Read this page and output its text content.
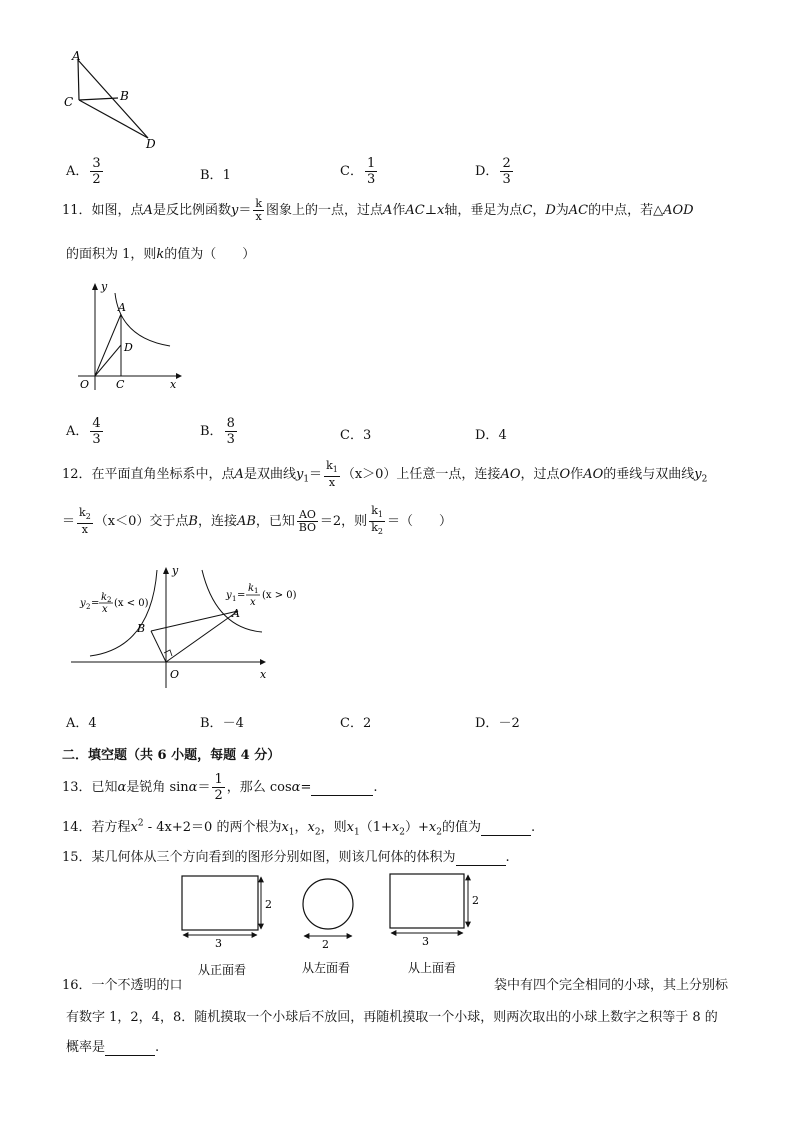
A
C	B
D
A． $\frac{3}{2}$	B．1	C． $\frac{1}{3}$	D． $\frac{2}{3}$
11．如图，点A是反比例函数$y= \frac{k}{x}$ 图象上的一点，过点A作AC⊥x轴，垂足为点C，D为AC的中点，若△AOD
的面积为 1，则k的值为（　　）
y
x
A
D
O C
A． $\frac{4}{3}$	B． $\frac{8}{3}$	C．3	D．4
12．在平面直角坐标系中，点A是双曲线$y_1= \frac{k_1}{x} (x>0)$上任意一点，连接AO，过点O作AO的垂线与双曲线$y_2$
＝ $\frac{k_2}{x} (x<0)$交于点B，连接AB，已知 $\frac{AO}{BO} =2$，则 $\frac{k_1}{k_2}$ ＝（　　）
y
x
O
A
B
y 2 =
k 2
x
(x < 0)
y 1 =
k 1
x
(x > 0)
A．4	B．－4	C．2	D．－2
二．填空题（共 6 小题，每题 4 分）
13．已知α是锐角 $\sin\alpha= \frac{1}{2}$ ，那么 cosα=	.
14．若方程$x^2 - 4x+2=0$ 的两个根为$x_1$，$x_2$，则$x_1(1+x_2)+x_2$的值为	.
15．某几何体从三个方向看到的图形分别如图，则该几何体的体积为	.
2
3
从正面看
2
从左面看
2
3
从上面看
16．一个不透明的口	袋中有四个完全相同的小球，其上分别标
有数字 1，2，4，8．随机摸取一个小球后不放回，再随机摸取一个小球，则两次取出的小球上数字之积等于 8 的
概率是	.
